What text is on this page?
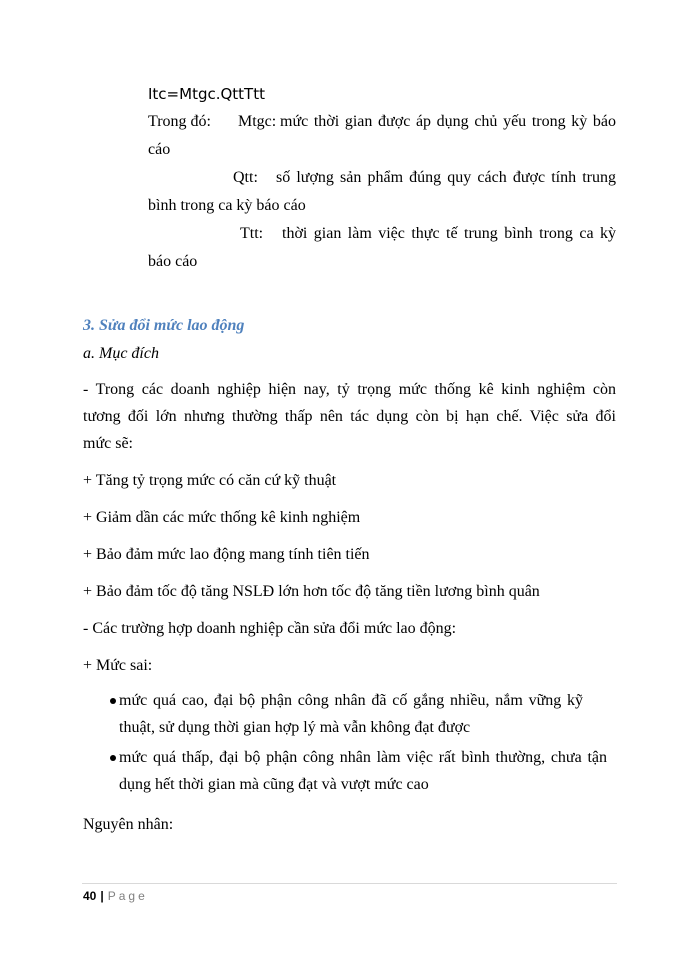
Itc=Mtgc.QttTtt
Trong đó: Mtgc: mức thời gian được áp dụng chủ yếu trong kỳ báo
cáo
Qtt: số lượng sản phẩm đúng quy cách được tính trung
bình trong ca kỳ báo cáo
Ttt: thời gian làm việc thực tế trung bình trong ca kỳ
báo cáo
3. Sửa đổi mức lao động
a. Mục đích
- Trong các doanh nghiệp hiện nay, tỷ trọng mức thống kê kinh nghiệm còn
tương đối lớn nhưng thường thấp nên tác dụng còn bị hạn chế. Việc sửa đổi
mức sẽ:
+ Tăng tỷ trọng mức có căn cứ kỹ thuật
+ Giảm dần các mức thống kê kinh nghiệm
+ Bảo đảm mức lao động mang tính tiên tiến
+ Bảo đảm tốc độ tăng NSLĐ lớn hơn tốc độ tăng tiền lương bình quân
- Các trường hợp doanh nghiệp cần sửa đổi mức lao động:
+ Mức sai:
mức quá cao, đại bộ phận công nhân đã cố gắng nhiều, nắm vững kỹ
thuật, sử dụng thời gian hợp lý mà vẫn không đạt được
mức quá thấp, đại bộ phận công nhân làm việc rất bình thường, chưa tận
dụng hết thời gian mà cũng đạt và vượt mức cao
Nguyên nhân:
40 | Page
